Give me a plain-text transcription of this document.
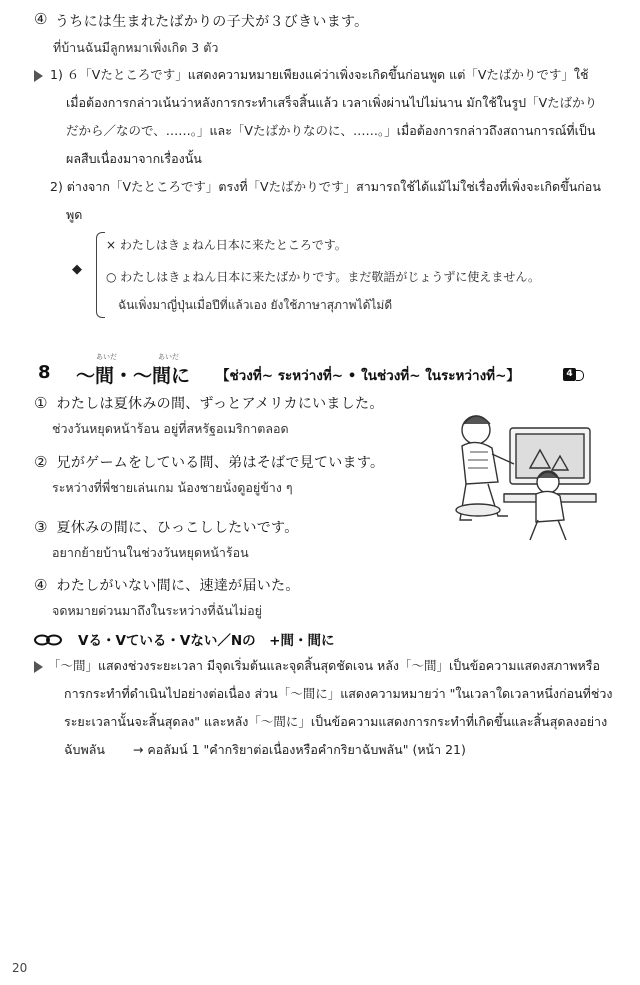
④ うちには生まれたばかりの子犬が３びきいます。
ที่บ้านฉันมีลูกหมาเพิ่งเกิด 3 ตัว
1) ６「Vたところです」แสดงความหมายเพียงแค่ว่าเพิ่งจะเกิดขึ้นก่อนพูด แต่「Vたばかりです」ใช้
เมื่อต้องการกล่าวเน้นว่าหลังการกระทำเสร็จสิ้นแล้ว เวลาเพิ่งผ่านไปไม่นาน มักใช้ในรูป「Vたばかり
だから／なので、……。」และ「Vたばかりなのに、……。」เมื่อต้องการกล่าวถึงสถานการณ์ที่เป็น
ผลสืบเนื่องมาจากเรื่องนั้น
2) ต่างจาก「Vたところです」ตรงที่「Vたばかりです」สามารถใช้ได้แม้ไม่ใช่เรื่องที่เพิ่งจะเกิดขึ้นก่อน
พูด
◆
× わたしはきょねん日本に来たところです。
○ わたしはきょねん日本に来たばかりです。まだ敬語がじょうずに使えません。
ฉันเพิ่งมาญี่ปุ่นเมื่อปีที่แล้วเอง ยังใช้ภาษาสุภาพได้ไม่ดี
8
あいだ	あいだ
〜間・〜間に 【ช่วงที่~ ระหว่างที่~ • ในช่วงที่~ ในระหว่างที่~】	4
① わたしは夏休みの間、ずっとアメリカにいました。
ช่วงวันหยุดหน้าร้อน อยู่ที่สหรัฐอเมริกาตลอด
② 兄がゲームをしている間、弟はそばで見ています。
ระหว่างที่พี่ชายเล่นเกม น้องชายนั่งดูอยู่ข้าง ๆ
③ 夏休みの間に、ひっこししたいです。
อยากย้ายบ้านในช่วงวันหยุดหน้าร้อน
④ わたしがいない間に、速達が届いた。
จดหมายด่วนมาถึงในระหว่างที่ฉันไม่อยู่
Vる・Vている・Vない／Nの　+間・間に
「〜間」แสดงช่วงระยะเวลา มีจุดเริ่มต้นและจุดสิ้นสุดชัดเจน หลัง「〜間」เป็นข้อความแสดงสภาพหรือ
การกระทำที่ดำเนินไปอย่างต่อเนื่อง ส่วน「〜間に」แสดงความหมายว่า "ในเวลาใดเวลาหนึ่งก่อนที่ช่วง
ระยะเวลานั้นจะสิ้นสุดลง" และหลัง「〜間に」เป็นข้อความแสดงการกระทำที่เกิดขึ้นและสิ้นสุดลงอย่าง
ฉับพลัน → คอลัมน์ 1 "คำกริยาต่อเนื่องหรือคำกริยาฉับพลัน" (หน้า 21)
20
